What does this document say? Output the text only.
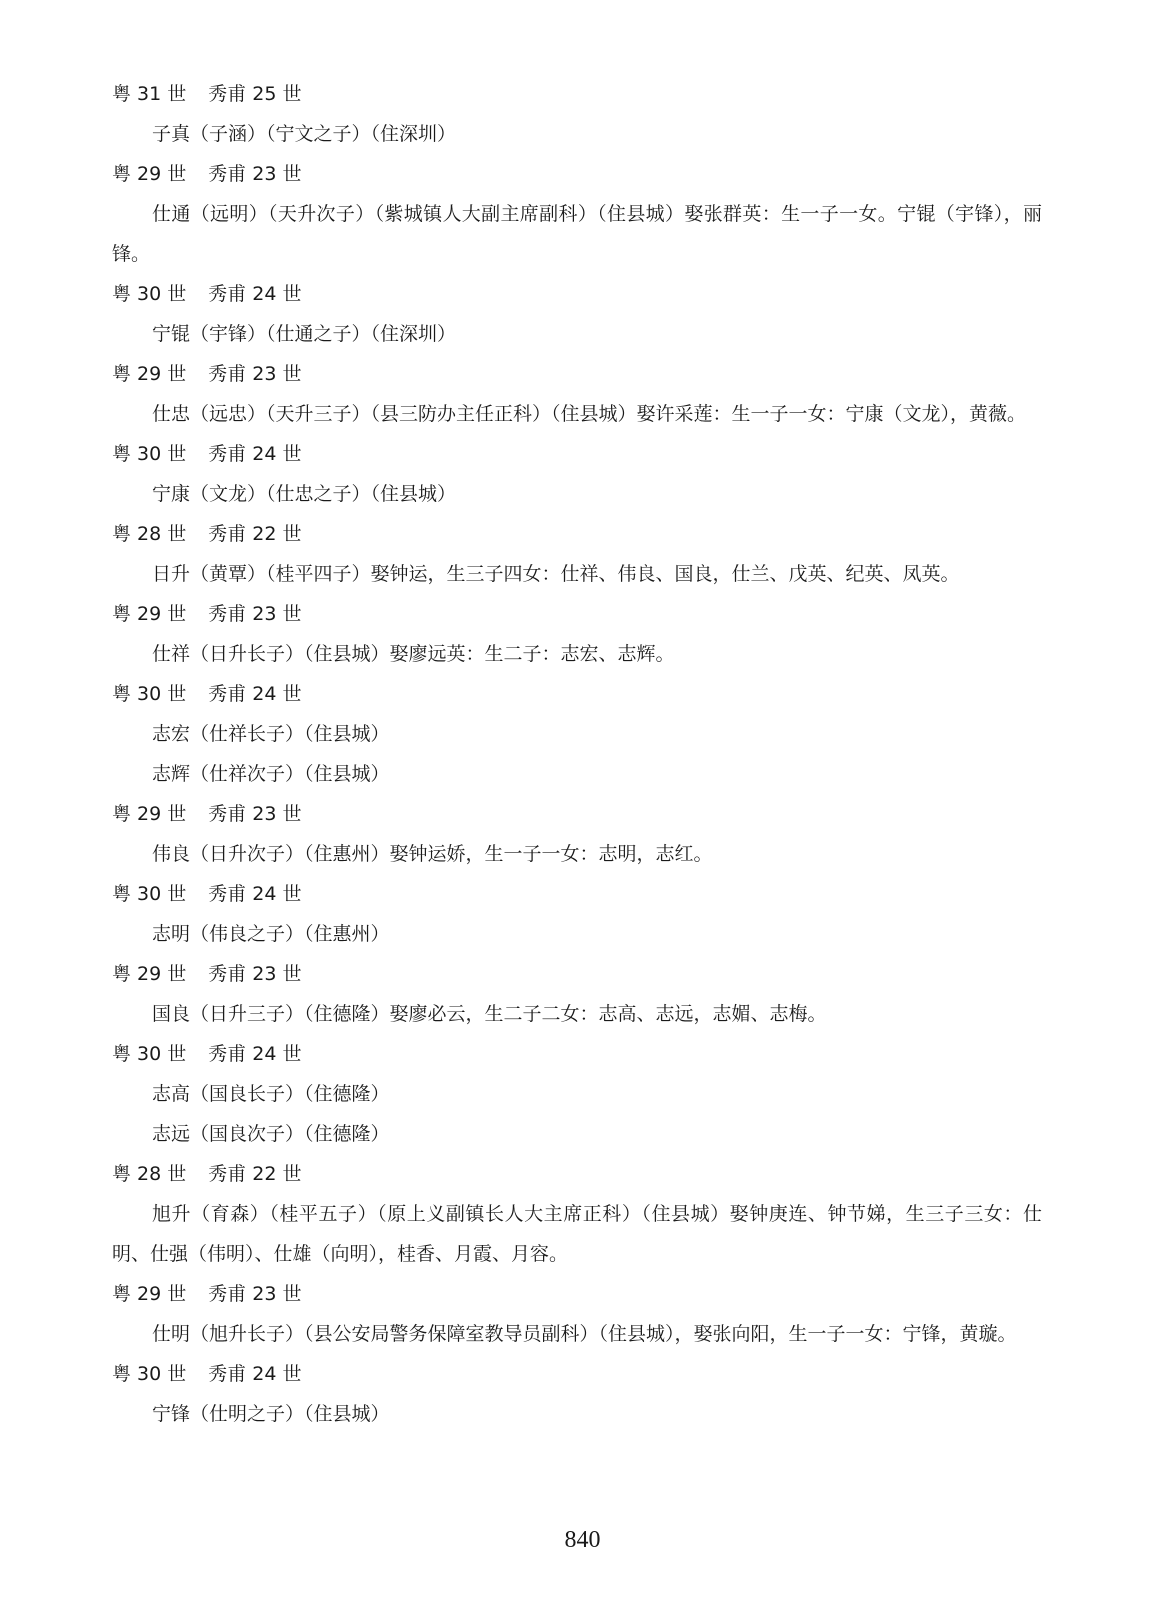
粤 31 世 秀甫 25 世
子真（子涵）（宁文之子）（住深圳）
粤 29 世 秀甫 23 世
仕通（远明）（天升次子）（紫城镇人大副主席副科）（住县城）娶张群英：生一子一女。宁锟（宇锋），丽锋。
粤 30 世 秀甫 24 世
宁锟（宇锋）（仕通之子）（住深圳）
粤 29 世 秀甫 23 世
仕忠（远忠）（天升三子）（县三防办主任正科）（住县城）娶许采莲：生一子一女：宁康（文龙），黄薇。
粤 30 世 秀甫 24 世
宁康（文龙）（仕忠之子）（住县城）
粤 28 世 秀甫 22 世
日升（黄覃）（桂平四子）娶钟运，生三子四女：仕祥、伟良、国良，仕兰、戊英、纪英、凤英。
粤 29 世 秀甫 23 世
仕祥（日升长子）（住县城）娶廖远英：生二子：志宏、志辉。
粤 30 世 秀甫 24 世
志宏（仕祥长子）（住县城）
志辉（仕祥次子）（住县城）
粤 29 世 秀甫 23 世
伟良（日升次子）（住惠州）娶钟运娇，生一子一女：志明，志红。
粤 30 世 秀甫 24 世
志明（伟良之子）（住惠州）
粤 29 世 秀甫 23 世
国良（日升三子）（住德隆）娶廖必云，生二子二女：志高、志远，志媚、志梅。
粤 30 世 秀甫 24 世
志高（国良长子）（住德隆）
志远（国良次子）（住德隆）
粤 28 世 秀甫 22 世
旭升（育森）（桂平五子）（原上义副镇长人大主席正科）（住县城）娶钟庚连、钟节娣，生三子三女：仕明、仕强（伟明）、仕雄（向明），桂香、月霞、月容。
粤 29 世 秀甫 23 世
仕明（旭升长子）（县公安局警务保障室教导员副科）（住县城），娶张向阳，生一子一女：宁锋，黄璇。
粤 30 世 秀甫 24 世
宁锋（仕明之子）（住县城）
840
